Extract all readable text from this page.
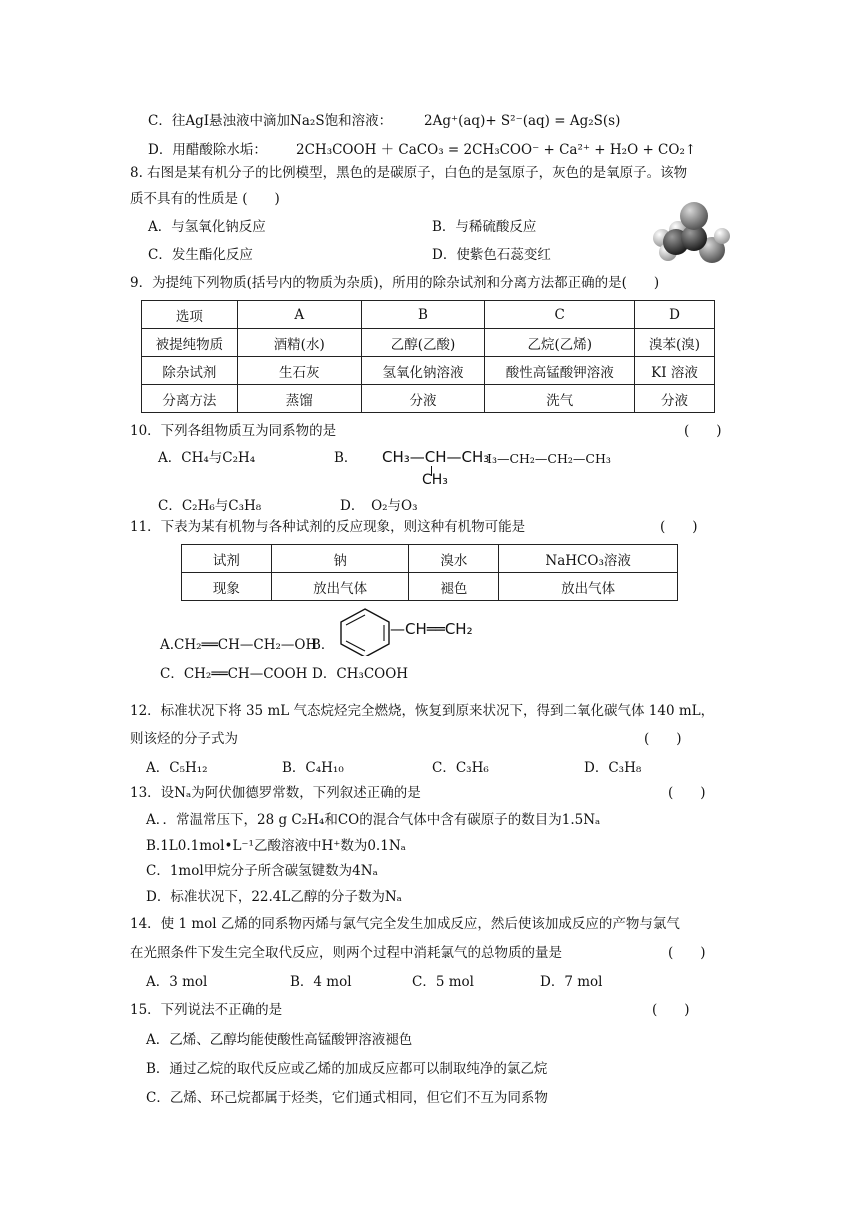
C．往AgI悬浊液中滴加Na₂S饱和溶液： 2Ag⁺(aq)+ S²⁻(aq) = Ag₂S(s)
D．用醋酸除水垢： 2CH₃COOH ＋ CaCO₃ = 2CH₃COO⁻ + Ca²⁺ + H₂O + CO₂↑
8. 右图是某有机分子的比例模型，黑色的是碳原子，白色的是氢原子，灰色的是氧原子。该物
质不具有的性质是 (　　)
A．与氢氧化钠反应	B．与稀硫酸反应
C．发生酯化反应	D．使紫色石蕊变红
9．为提纯下列物质(括号内的物质为杂质)，所用的除杂试剂和分离方法都正确的是(　　)
选项	A	B	C	D
被提纯物质	酒精(水)	乙醇(乙酸)	乙烷(乙烯)	溴苯(溴)
除杂试剂	生石灰	氢氧化钠溶液	酸性高锰酸钾溶液	KI 溶液
分离方法	蒸馏	分液	洗气	分液
10．下列各组物质互为同系物的是	(　　)
A．CH₄与C₂H₄	B． CH₃—CH—CH₃
CH₃
I₃—CH₂—CH₂—CH₃
C．C₂H₆与C₃H₈	D．　O₂与O₃
11．下表为某有机物与各种试剂的反应现象，则这种有机物可能是	(　　)
试剂	钠	溴水	NaHCO₃溶液
现象	放出气体	褪色	放出气体
A.CH₂══CH—CH₂—OH
B．
—CH══CH₂
C．CH₂══CH—COOH D．CH₃COOH
12．标准状况下将 35 mL 气态烷烃完全燃烧，恢复到原来状况下，得到二氧化碳气体 140 mL，
则该烃的分子式为	(　　)
A．C₅H₁₂	B．C₄H₁₀	C．C₃H₆	D．C₃H₈
13．设Nₐ为阿伏伽德罗常数，下列叙述正确的是	(　　)
A．．常温常压下，28 g C₂H₄和CO的混合气体中含有碳原子的数目为1.5Nₐ
B.1L0.1mol•L⁻¹乙酸溶液中H⁺数为0.1Nₐ
C．1mol甲烷分子所含碳氢键数为4Nₐ
D．标准状况下，22.4L乙醇的分子数为Nₐ
14．使 1 mol 乙烯的同系物丙烯与氯气完全发生加成反应，然后使该加成反应的产物与氯气
在光照条件下发生完全取代反应，则两个过程中消耗氯气的总物质的量是	(　　)
A．3 mol	B．4 mol	C．5 mol	D．7 mol
15．下列说法不正确的是	(　　)
A．乙烯、乙醇均能使酸性高锰酸钾溶液褪色
B．通过乙烷的取代反应或乙烯的加成反应都可以制取纯净的氯乙烷
C．乙烯、环己烷都属于烃类，它们通式相同，但它们不互为同系物
